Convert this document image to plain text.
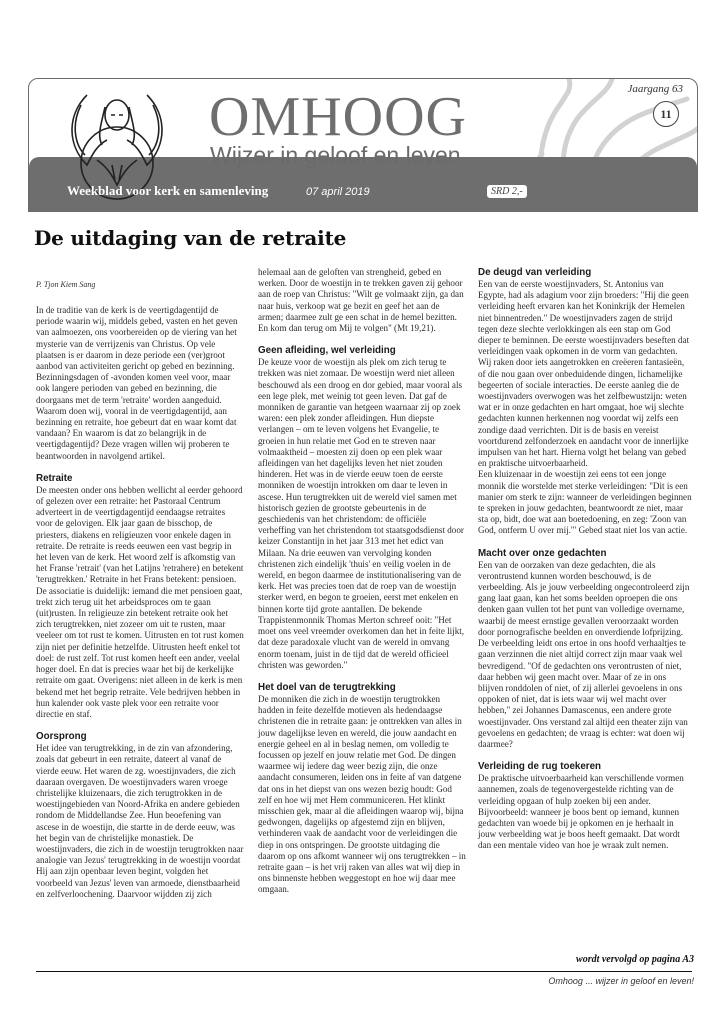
OMHOOG
Wijzer in geloof en leven
Jaargang 63
11
Weekblad voor kerk en samenleving	07 april 2019	SRD 2,-
De uitdaging van de retraite
P. Tjon Kiem Sang

In de traditie van de kerk is de veertigdagentijd de periode waarin wij, middels gebed, vasten en het geven van aalmoezen, ons voorbereiden op de viering van het mysterie van de verrijzenis van Christus. Op vele plaatsen is er daarom in deze periode een (ver)groot aanbod van activiteiten gericht op gebed en bezinning. Bezinningsdagen of -avonden komen veel voor, maar ook langere perioden van gebed en bezinning, die doorgaans met de term 'retraite' worden aangeduid. Waarom doen wij, vooral in de veertigdagentijd, aan bezinning en retraite, hoe gebeurt dat en waar komt dat vandaan? En waarom is dat zo belangrijk in de veertigdagentijd? Deze vragen willen wij proberen te beantwoorden in navolgend artikel.

Retraite

De meesten onder ons hebben wellicht al eerder gehoord of gelezen over een retraite: het Pastoraal Centrum adverteert in de veertigdagentijd eendaagse retraites voor de gelovigen. Elk jaar gaan de bisschop, de priesters, diakens en religieuzen voor enkele dagen in retraite. De retraite is reeds eeuwen een vast begrip in het leven van de kerk. Het woord zelf is afkomstig van het Franse 'retrait' (van het Latijns 'retrahere) en betekent 'terugtrekken.' Retraite in het Frans betekent: pensioen. De associatie is duidelijk: iemand die met pensioen gaat, trekt zich terug uit het arbeidsproces om te gaan (uit)rusten. In religieuze zin betekent retraite ook het zich terugtrekken, niet zozeer om uit te rusten, maar veeleer om tot rust te komen. Uitrusten en tot rust komen zijn niet per definitie hetzelfde. Uitrusten heeft enkel tot doel: de rust zelf. Tot rust komen heeft een ander, veelal hoger doel. En dat is precies waar het bij de kerkelijke retraite om gaat. Overigens: niet alleen in de kerk is men bekend met het begrip retraite. Vele bedrijven hebben in hun kalender ook vaste plek voor een retraite voor directie en staf.

Oorsprong

Het idee van terugtrekking, in de zin van afzondering, zoals dat gebeurt in een retraite, dateert al vanaf de vierde eeuw. Het waren de zg. woestijnvaders, die zich daaraan overgaven. De woestijnvaders waren vroege christelijke kluizenaars, die zich terugtrokken in de woestijngebieden van Noord-Afrika en andere gebieden rondom de Middellandse Zee. Hun beoefening van ascese in de woestijn, die startte in de derde eeuw, was het begin van de christelijke monastiek. De woestijnvaders, die zich in de woestijn terugtrokken naar analogie van Jezus' terugtrekking in de woestijn voordat Hij aan zijn openbaar leven begint, volgden het voorbeeld van Jezus' leven van armoede, dienstbaarheid en zelfverloochening. Daarvoor wijdden zij zich

helemaal aan de geloften van strengheid, gebed en werken. Door de woestijn in te trekken gaven zij gehoor aan de roep van Christus: "Wilt ge volmaakt zijn, ga dan naar huis, verkoop wat ge bezit en geef het aan de armen; daarmee zult ge een schat in de hemel bezitten. En kom dan terug om Mij te volgen" (Mt 19,21).

Geen afleiding, wel verleiding

De keuze voor de woestijn als plek om zich terug te trekken was niet zomaar. De woestijn werd niet alleen beschouwd als een droog en dor gebied, maar vooral als een lege plek, met weinig tot geen leven. Dat gaf de monniken de garantie van hetgeen waarnaar zij op zoek waren: een plek zonder afleidingen. Hun diepste verlangen – om te leven volgens het Evangelie, te groeien in hun relatie met God en te streven naar volmaaktheid – moesten zij doen op een plek waar afleidingen van het dagelijks leven het niet zouden hinderen. Het was in de vierde eeuw toen de eerste monniken de woestijn introkken om daar te leven in ascese. Hun terugtrekken uit de wereld viel samen met historisch gezien de grootste gebeurtenis in de geschiedenis van het christendom: de officiële verheffing van het christendom tot staatsgodsdienst door keizer Constantijn in het jaar 313 met het edict van Milaan. Na drie eeuwen van vervolging konden christenen zich eindelijk 'thuis' en veilig voelen in de wereld, en begon daarmee de institutionalisering van de kerk. Het was precies toen dat de roep van de woestijn sterker werd, en begon te groeien, eerst met enkelen en binnen korte tijd grote aantallen. De bekende Trappistenmonnik Thomas Merton schreef ooit: "Het moet ons veel vreemder overkomen dan het in feite lijkt, dat deze paradoxale vlucht van de wereld in omvang enorm toenam, juist in de tijd dat de wereld officieel christen was geworden."

Het doel van de terugtrekking

De monniken die zich in de woestijn terugtrokken hadden in feite dezelfde motieven als hedendaagse christenen die in retraite gaan: je onttrekken van alles in jouw dagelijkse leven en wereld, die jouw aandacht en energie geheel en al in beslag nemen, om volledig te focussen op jezelf en jouw relatie met God. De dingen waarmee wij iedere dag weer bezig zijn, die onze aandacht consumeren, leiden ons in feite af van datgene dat ons in het diepst van ons wezen bezig houdt: God zelf en hoe wij met Hem communiceren. Het klinkt misschien gek, maar al die afleidingen waarop wij, bijna gedwongen, dagelijks op afgestemd zijn en blijven, verhinderen vaak de aandacht voor de verleidingen die diep in ons ontspringen. De grootste uitdaging die daarom op ons afkomt wanneer wij ons terugtrekken – in retraite gaan – is het vrij raken van alles wat wij diep in ons binnenste hebben weggestopt en hoe wij daar mee omgaan.

De deugd van verleiding

Een van de eerste woestijnvaders, St. Antonius van Egypte, had als adagium voor zijn broeders: "Hij die geen verleiding heeft ervaren kan het Koninkrijk der Hemelen niet binnentreden." De woestijnvaders zagen de strijd tegen deze slechte verlokkingen als een stap om God dieper te beminnen. De eerste woestijnvaders beseften dat verleidingen vaak opkomen in de vorm van gedachten. Wij raken door iets aangetrokken en creëeren fantasieën, of die nou gaan over onbeduidende dingen, lichamelijke begeerten of sociale interacties. De eerste aanleg die de woestijnvaders overwogen was het zelfbewustzijn: weten wat er in onze gedachten en hart omgaat, hoe wij slechte gedachten kunnen herkennen nog voordat wij zelfs een zondige daad verrichten. Dit is de basis en vereist voortdurend zelfonderzoek en aandacht voor de innerlijke impulsen van het hart. Hierna volgt het belang van gebed en praktische uitvoerbaarheid.

Een kluizenaar in de woestijn zei eens tot een jonge monnik die worstelde met sterke verleidingen: "Dit is een manier om sterk te zijn: wanneer de verleidingen beginnen te spreken in jouw gedachten, beantwoordt ze niet, maar sta op, bidt, doe wat aan boetedoening, en zeg: 'Zoon van God, ontferm U over mij.'" Gebed staat niet los van actie.

Macht over onze gedachten

Een van de oorzaken van deze gedachten, die als verontrustend kunnen worden beschouwd, is de verbeelding. Als je jouw verbeelding ongecontroleerd zijn gang laat gaan, kan het soms beelden oproepen die ons denken gaan vullen tot het punt van volledige overname, waarbij de meest ernstige gevallen veroorzaakt worden door pornografische beelden en onverdiende lofprijzing. De verbeelding leidt ons ertoe in ons hoofd verhaaltjes te gaan verzinnen die niet altijd correct zijn maar vaak wel bevredigend. "Of de gedachten ons verontrusten of niet, daar hebben wij geen macht over. Maar of ze in ons blijven ronddolen of niet, of zij allerlei gevoelens in ons oppoken of niet, dat is iets waar wij wel macht over hebben," zei Johannes Damascenus, een andere grote woestijnvader. Ons verstand zal altijd een theater zijn van gevoelens en gedachten; de vraag is echter: wat doen wij daarmee?

Verleiding de rug toekeren

De praktische uitvoerbaarheid kan verschillende vormen aannemen, zoals de tegenovergestelde richting van de verleiding opgaan of hulp zoeken bij een ander. Bijvoorbeeld: wanneer je boos bent op iemand, kunnen gedachten van woede bij je opkomen en je herhaalt in jouw verbeelding wat je boos heeft gemaakt. Dat wordt dan een mentale video van hoe je wraak zult nemen.

wordt vervolgd op pagina A3
Omhoog ... wijzer in geloof en leven!
